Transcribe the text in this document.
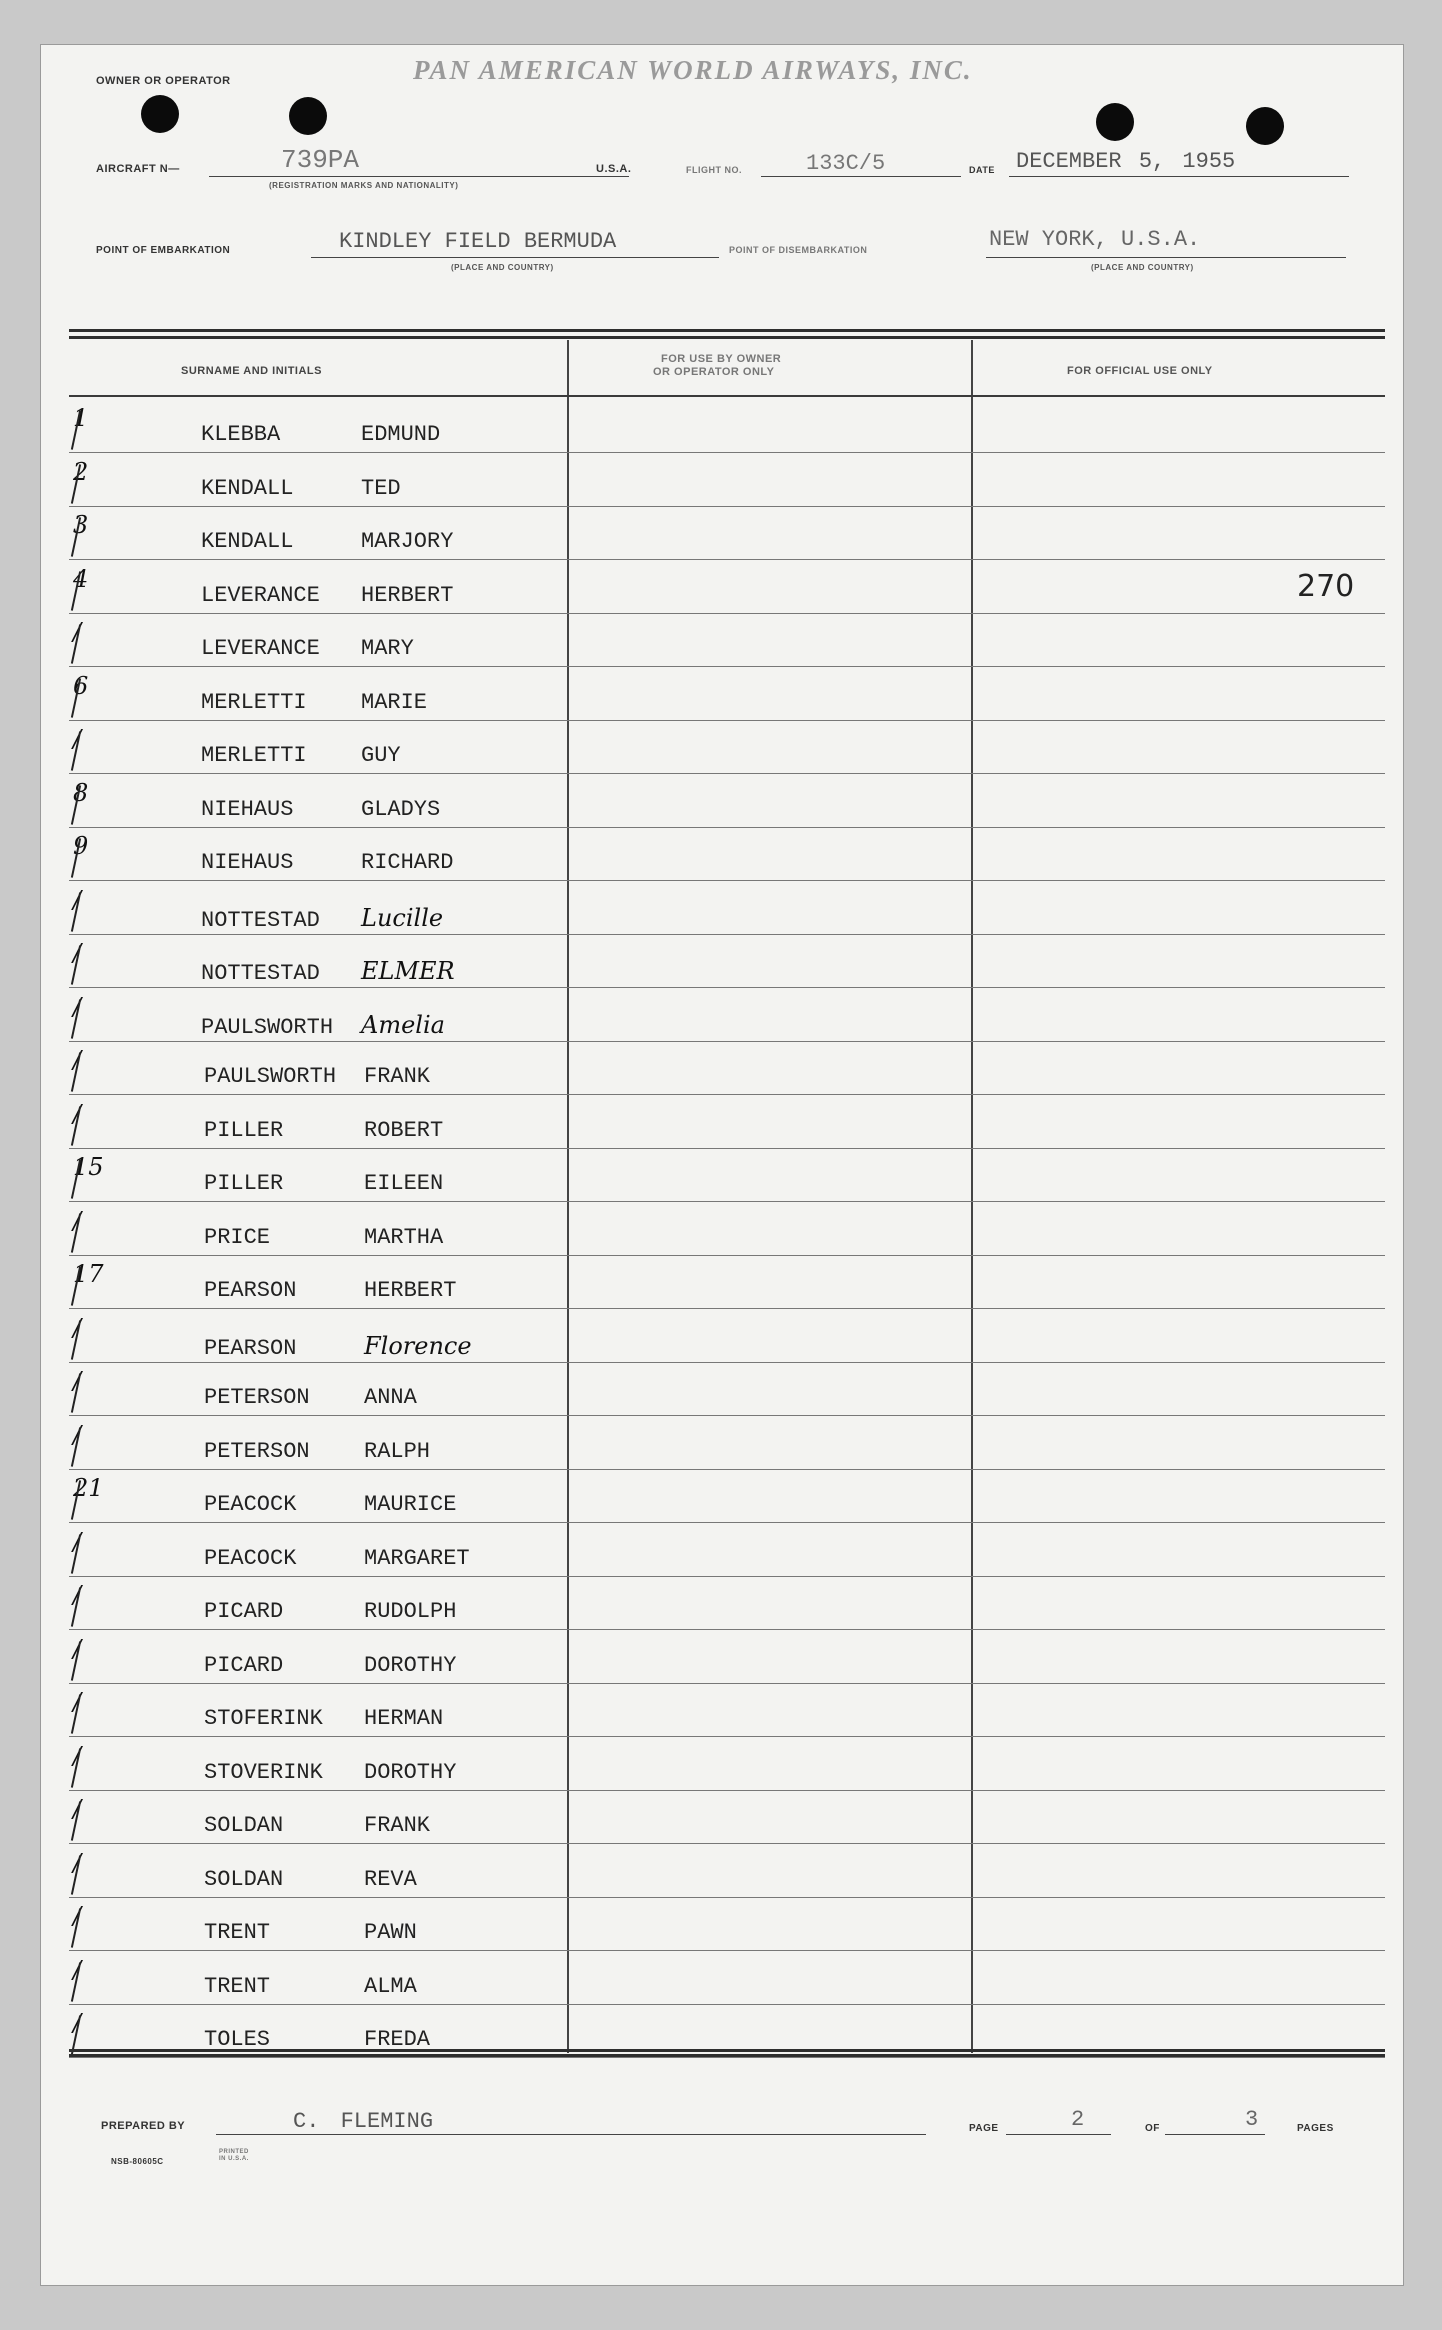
OWNER OR OPERATOR	PAN AMERICAN WORLD AIRWAYS, INC.
AIRCRAFT N—	739PA
(REGISTRATION MARKS AND NATIONALITY)
U.S.A.	FLIGHT NO.	133C/5	DATE DECEMBER 5, 1955
POINT OF EMBARKATION	KINDLEY FIELD BERMUDA
(PLACE AND COUNTRY)
POINT OF DISEMBARKATION	NEW YORK, U.S.A.
(PLACE AND COUNTRY)
SURNAME AND INITIALS
FOR USE BY OWNER
OR OPERATOR ONLY	FOR OFFICIAL USE ONLY
1
KLEBBA	EDMUND
2
KENDALL	TED
3
KENDALL	MARJORY
4
LEVERANCE HERBERT	270
/
LEVERANCE MARY
6
MERLETTI MARIE
/
MERLETTI GUY
8
NIEHAUS	GLADYS
9
NIEHAUS	RICHARD
/
NOTTESTAD Lucille
/
NOTTESTAD ELMER
/
PAULSWORTH Amelia
/
PAULSWORTH FRANK
/
PILLER	ROBERT
15
PILLER	EILEEN
/
PRICE	MARTHA
17
PEARSON	HERBERT
/
PEARSON	Florence
/
PETERSON ANNA
/
PETERSON RALPH
21
PEACOCK	MAURICE
/
PEACOCK	MARGARET
/
PICARD	RUDOLPH
/
PICARD	DOROTHY
/
STOFERINK HERMAN
/
STOVERINK DOROTHY
/
SOLDAN	FRANK
/
SOLDAN	REVA
/
TRENT	PAWN
/
TRENT	ALMA
/
TOLES	FREDA
PREPARED BY	C. FLEMING	PAGE	2	OF	3	PAGES
NSB-80605C
PRINTED IN U.S.A.
